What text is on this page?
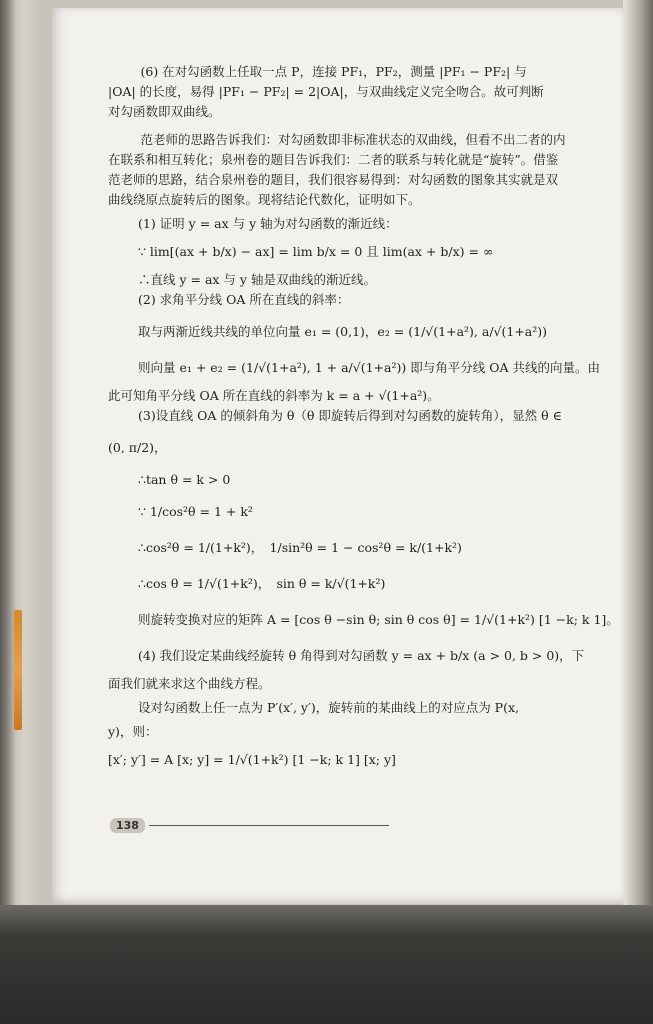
(6) 在对勾函数上任取一点 P，连接 PF₁，PF₂，测量 |PF₁ − PF₂| 与
|OA| 的长度，易得 |PF₁ − PF₂| = 2|OA|，与双曲线定义完全吻合。故可判断
对勾函数即双曲线。
范老师的思路告诉我们：对勾函数即非标准状态的双曲线，但看不出二者的内
在联系和相互转化；泉州卷的题目告诉我们：二者的联系与转化就是“旋转”。借鉴
范老师的思路，结合泉州卷的题目，我们很容易得到：对勾函数的图象其实就是双
曲线绕原点旋转后的图象。现将结论代数化，证明如下。
(1) 证明 y = ax 与 y 轴为对勾函数的渐近线：
∵ lim[(ax + b/x) − ax] = lim b/x = 0 且 lim(ax + b/x) = ∞
∴直线 y = ax 与 y 轴是双曲线的渐近线。
(2) 求角平分线 OA 所在直线的斜率：
取与两渐近线共线的单位向量 e₁ = (0,1)，e₂ = (1/√(1+a²), a/√(1+a²))
则向量 e₁ + e₂ = (1/√(1+a²), 1 + a/√(1+a²)) 即与角平分线 OA 共线的向量。由
此可知角平分线 OA 所在直线的斜率为 k = a + √(1+a²)。
(3)设直线 OA 的倾斜角为 θ（θ 即旋转后得到对勾函数的旋转角），显然 θ ∈
(0, π/2)，
∴tan θ = k > 0
∵ 1/cos²θ = 1 + k²
∴cos²θ = 1/(1+k²)，　1/sin²θ = 1 − cos²θ = k/(1+k²)
∴cos θ = 1/√(1+k²)，　sin θ = k/√(1+k²)
则旋转变换对应的矩阵 A = [cos θ −sin θ; sin θ cos θ] = 1/√(1+k²) [1 −k; k 1]。
(4) 我们设定某曲线经旋转 θ 角得到对勾函数 y = ax + b/x (a > 0, b > 0)，下
面我们就来求这个曲线方程。
设对勾函数上任一点为 P′(x′, y′)，旋转前的某曲线上的对应点为 P(x,
y)，则：
[x′; y′] = A [x; y] = 1/√(1+k²) [1 −k; k 1] [x; y]
138
